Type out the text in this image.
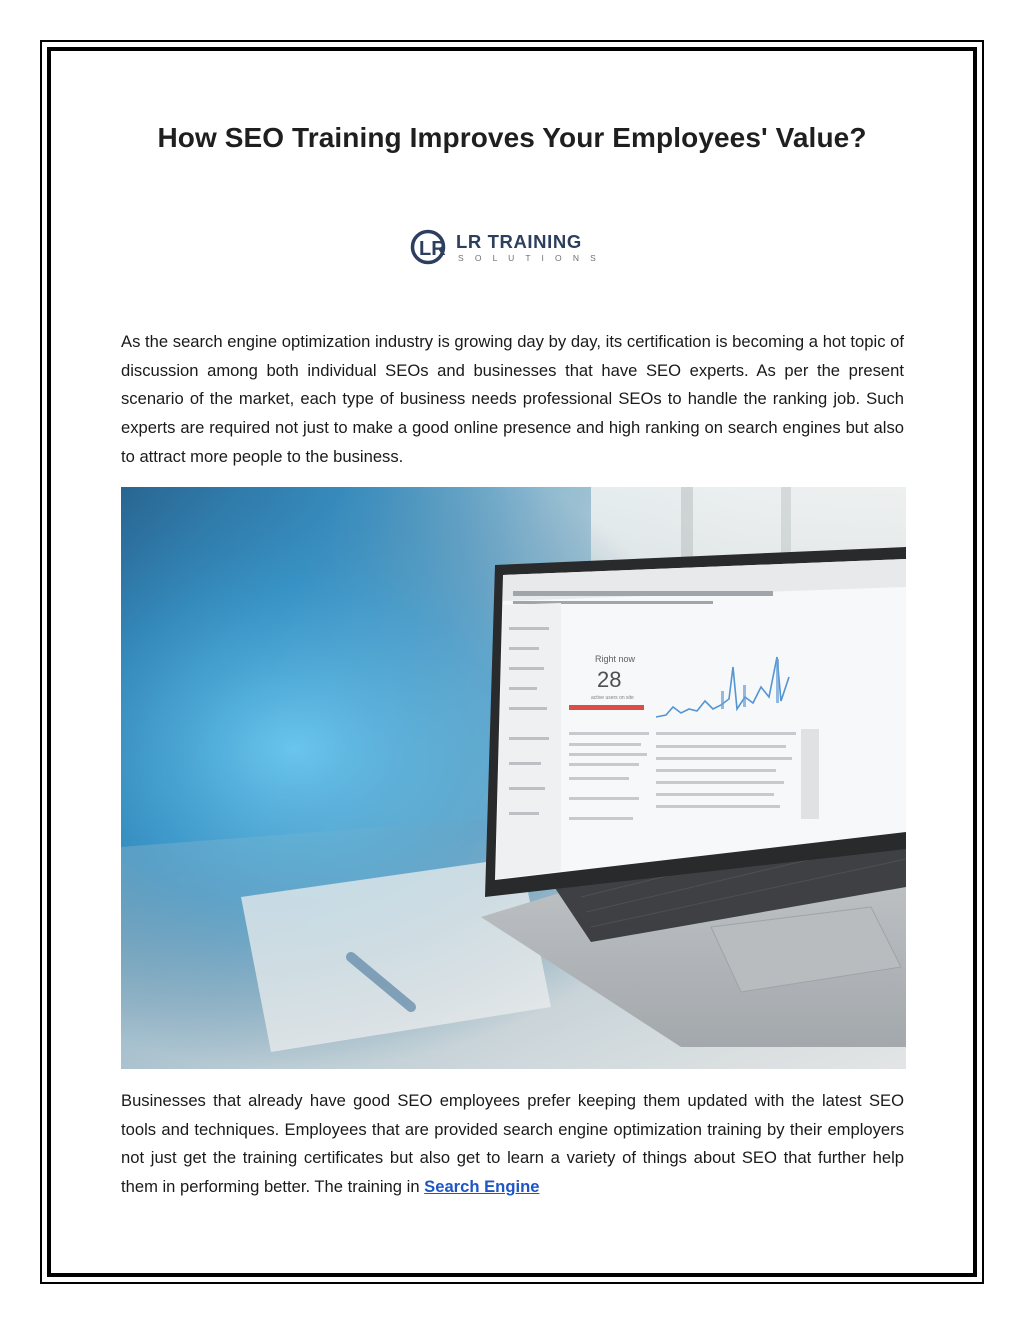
How SEO Training Improves Your Employees' Value?
LR LR TRAINING
S O L U T I O N S

As the search engine optimization industry is growing day by day, its certification is becoming a hot topic of discussion among both individual SEOs and businesses that have SEO experts. As per the present scenario of the market, each type of business needs professional SEOs to handle the ranking job. Such experts are required not just to make a good online presence and high ranking on search engines but also to attract more people to the business.

Right now
28
active users on site

Businesses that already have good SEO employees prefer keeping them updated with the latest SEO tools and techniques. Employees that are provided search engine optimization training by their employers not just get the training certificates but also get to learn a variety of things about SEO that further help them in performing better. The training in Search Engine
